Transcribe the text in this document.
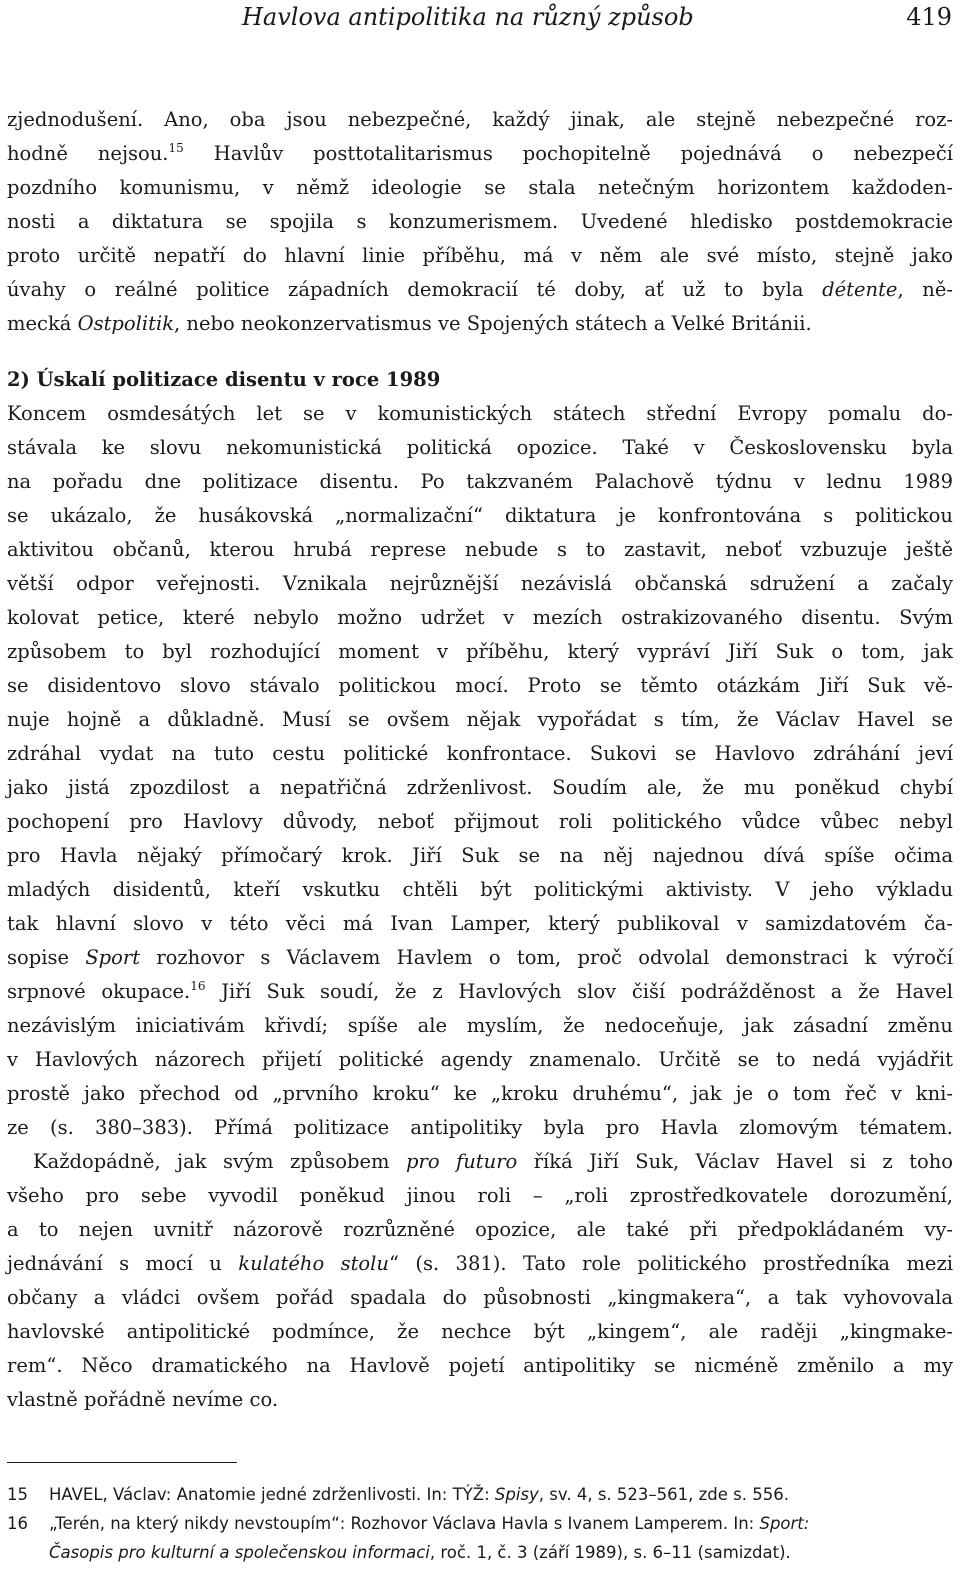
Havlova antipolitika na různý způsob	419
zjednodušení. Ano, oba jsou nebezpečné, každý jinak, ale stejně nebezpečné roz-
hodně nejsou.$^{15}$ Havlův posttotalitarismus pochopitelně pojednává o nebezpečí
pozdního komunismu, v němž ideologie se stala netečným horizontem každoden-
nosti a diktatura se spojila s konzumerismem. Uvedené hledisko postdemokracie
proto určitě nepatří do hlavní linie příběhu, má v něm ale své místo, stejně jako
úvahy o reálné politice západních demokracií té doby, ať už to byla détente, ně-
mecká Ostpolitik, nebo neokonzervatismus ve Spojených státech a Velké Británii.
2) Úskalí politizace disentu v roce 1989
Koncem osmdesátých let se v komunistických státech střední Evropy pomalu do-
stávala ke slovu nekomunistická politická opozice. Také v Československu byla
na pořadu dne politizace disentu. Po takzvaném Palachově týdnu v lednu 1989
se ukázalo, že husákovská „normalizační“ diktatura je konfrontována s politickou
aktivitou občanů, kterou hrubá represe nebude s to zastavit, neboť vzbuzuje ještě
větší odpor veřejnosti. Vznikala nejrůznější nezávislá občanská sdružení a začaly
kolovat petice, které nebylo možno udržet v mezích ostrakizovaného disentu. Svým
způsobem to byl rozhodující moment v příběhu, který vypráví Jiří Suk o tom, jak
se disidentovo slovo stávalo politickou mocí. Proto se těmto otázkám Jiří Suk vě-
nuje hojně a důkladně. Musí se ovšem nějak vypořádat s tím, že Václav Havel se
zdráhal vydat na tuto cestu politické konfrontace. Sukovi se Havlovo zdráhání jeví
jako jistá zpozdilost a nepatřičná zdrženlivost. Soudím ale, že mu poněkud chybí
pochopení pro Havlovy důvody, neboť přijmout roli politického vůdce vůbec nebyl
pro Havla nějaký přímočarý krok. Jiří Suk se na něj najednou dívá spíše očima
mladých disidentů, kteří vskutku chtěli být politickými aktivisty. V jeho výkladu
tak hlavní slovo v této věci má Ivan Lamper, který publikoval v samizdatovém ča-
sopise Sport rozhovor s Václavem Havlem o tom, proč odvolal demonstraci k výročí
srpnové okupace.$^{16}$ Jiří Suk soudí, že z Havlových slov čiší podrážděnost a že Havel
nezávislým iniciativám křivdí; spíše ale myslím, že nedoceňuje, jak zásadní změnu
v Havlových názorech přijetí politické agendy znamenalo. Určitě se to nedá vyjádřit
prostě jako přechod od „prvního kroku“ ke „kroku druhému“, jak je o tom řeč v kni-
ze (s. 380–383). Přímá politizace antipolitiky byla pro Havla zlomovým tématem.
Každopádně, jak svým způsobem pro futuro říká Jiří Suk, Václav Havel si z toho
všeho pro sebe vyvodil poněkud jinou roli – „roli zprostředkovatele dorozumění,
a to nejen uvnitř názorově rozrůzněné opozice, ale také při předpokládaném vy-
jednávání s mocí u kulatého stolu“ (s. 381). Tato role politického prostředníka mezi
občany a vládci ovšem pořád spadala do působnosti „kingmakera“, a tak vyhovovala
havlovské antipolitické podmínce, že nechce být „kingem“, ale raději „kingmake-
rem“. Něco dramatického na Havlově pojetí antipolitiky se nicméně změnilo a my
vlastně pořádně nevíme co.
15 HAVEL, Václav: Anatomie jedné zdrženlivosti. In: TÝŽ: Spisy, sv. 4, s. 523–561, zde s. 556.
16 „Terén, na který nikdy nevstoupím“: Rozhovor Václava Havla s Ivanem Lamperem. In: Sport:
Časopis pro kulturní a společenskou informaci, roč. 1, č. 3 (září 1989), s. 6–11 (samizdat).
